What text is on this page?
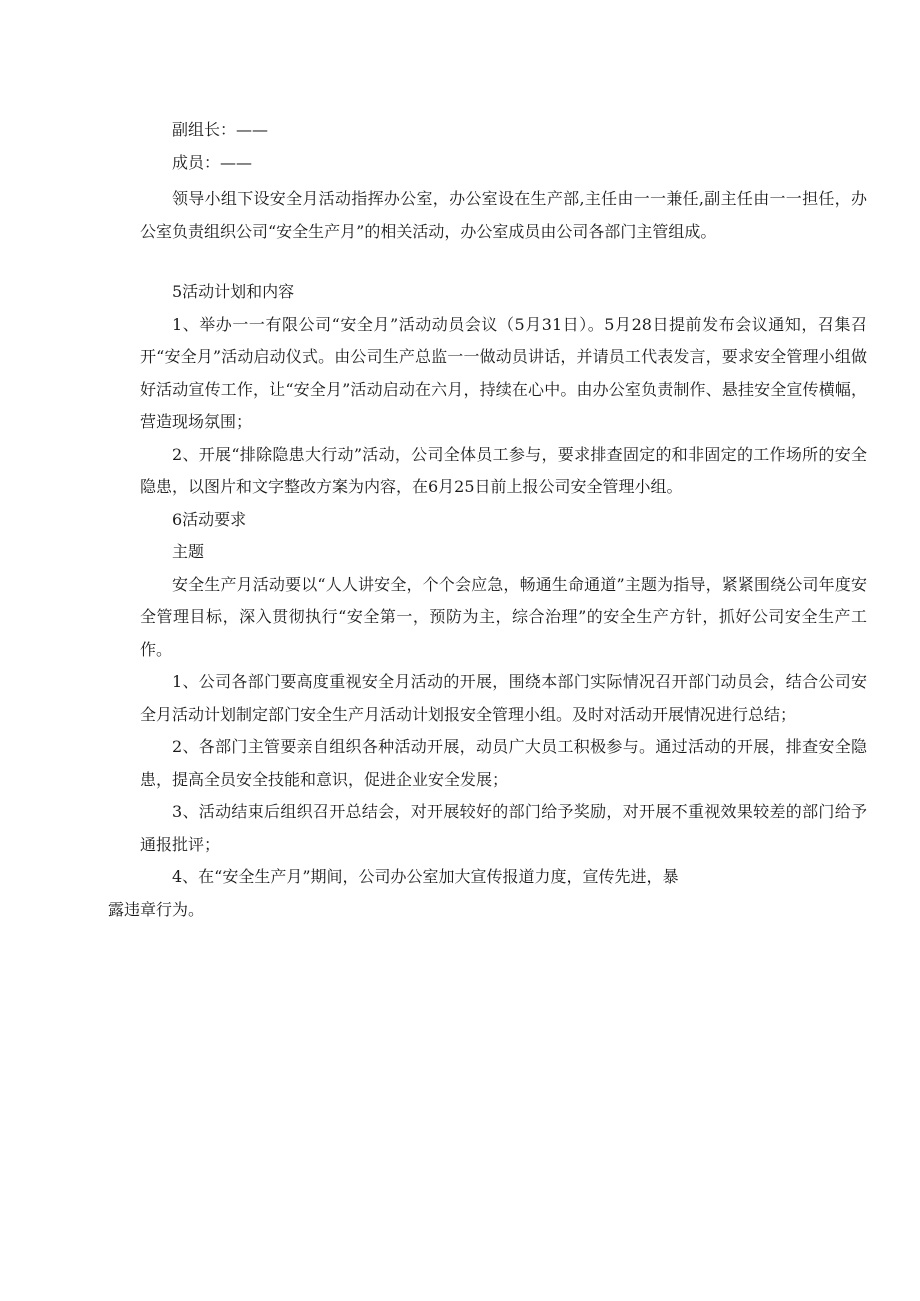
副组长：——

成员：——

领导小组下设安全月活动指挥办公室，办公室设在生产部,主任由一一兼任,副主任由一一担任，办公室负责组织公司“安全生产月”的相关活动，办公室成员由公司各部门主管组成。

5活动计划和内容

1、举办一一有限公司“安全月”活动动员会议（5月31日）。5月28日提前发布会议通知，召集召开“安全月”活动启动仪式。由公司生产总监一一做动员讲话，并请员工代表发言，要求安全管理小组做好活动宣传工作，让“安全月”活动启动在六月，持续在心中。由办公室负责制作、悬挂安全宣传横幅，营造现场氛围；

2、开展“排除隐患大行动”活动，公司全体员工参与，要求排查固定的和非固定的工作场所的安全隐患，以图片和文字整改方案为内容，在6月25日前上报公司安全管理小组。

6活动要求

主题

安全生产月活动要以“人人讲安全，个个会应急，畅通生命通道”主题为指导，紧紧围绕公司年度安全管理目标，深入贯彻执行“安全第一，预防为主，综合治理”的安全生产方针，抓好公司安全生产工作。

1、公司各部门要高度重视安全月活动的开展，围绕本部门实际情况召开部门动员会，结合公司安全月活动计划制定部门安全生产月活动计划报安全管理小组。及时对活动开展情况进行总结；

2、各部门主管要亲自组织各种活动开展，动员广大员工积极参与。通过活动的开展，排查安全隐患，提高全员安全技能和意识，促进企业安全发展；

3、活动结束后组织召开总结会，对开展较好的部门给予奖励，对开展不重视效果较差的部门给予通报批评；

4、在“安全生产月”期间，公司办公室加大宣传报道力度，宣传先进，暴
露违章行为。
